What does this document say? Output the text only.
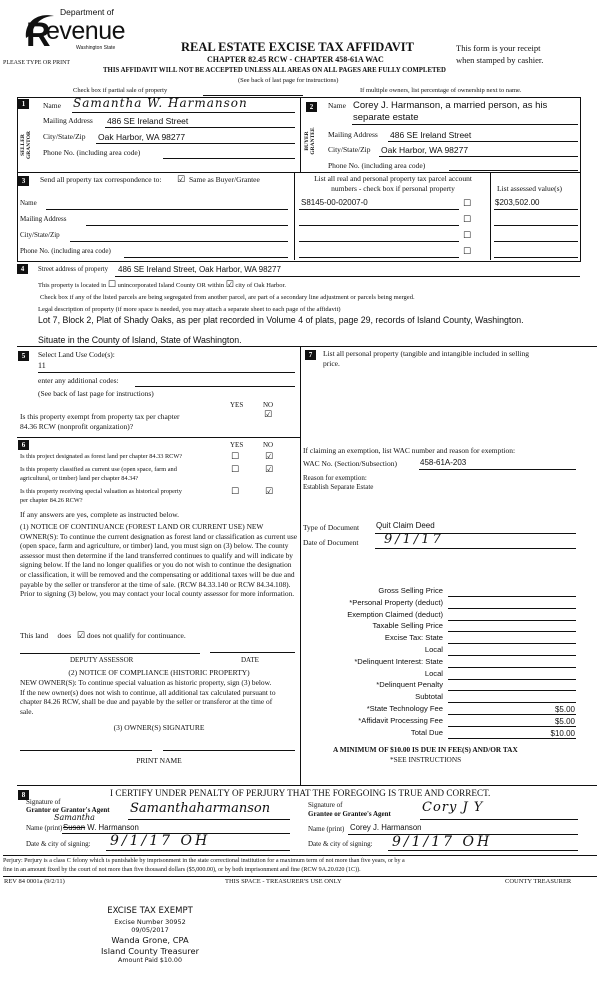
R
Department of
evenue
Washington State
PLEASE TYPE OR PRINT
REAL ESTATE EXCISE TAX AFFIDAVIT
CHAPTER 82.45 RCW - CHAPTER 458-61A WAC
This form is your receipt
when stamped by cashier.
THIS AFFIDAVIT WILL NOT BE ACCEPTED UNLESS ALL AREAS ON ALL PAGES ARE FULLY COMPLETED
(See back of last page for instructions)
Check box if partial sale of property	If multiple owners, list percentage of ownership next to name.
1
SELLER GRANTOR
Name Samantha W. Harmanson
Mailing Address 486 SE Ireland Street
City/State/Zip Oak Harbor, WA 98277
Phone No. (including area code)
2
BUYER GRANTEE
Name Corey J. Harmanson, a married person, as his
separate estate
Mailing Address 486 SE Ireland Street
City/State/Zip Oak Harbor, WA 98277
Phone No. (including area code)
3	Send all property tax correspondence to: ☑ Same as Buyer/Grantee
Name
Mailing Address
City/State/Zip
Phone No. (including area code)
List all real and personal property tax parcel account
numbers - check box if personal property	List assessed value(s)
S8145-00-02007-0	$203,502.00
☐
☐
☐
☐
4	Street address of property 486 SE Ireland Street, Oak Harbor, WA 98277
This property is located in ☐ unincorporated Island County OR within ☑ city of Oak Harbor.
Check box if any of the listed parcels are being segregated from another parcel, are part of a secondary line adjustment or parcels being merged.
Legal description of property (if more space is needed, you may attach a separate sheet to each page of the affidavit)
Lot 7, Block 2, Plat of Shady Oaks, as per plat recorded in Volume 4 of plats, page 29, records of Island County, Washington.
Situate in the County of Island, State of Washington.
5	Select Land Use Code(s):
11
enter any additional codes:
(See back of last page for instructions)
YES	NO
Is this property exempt from property tax per chapter
84.36 RCW (nonprofit organization)?
☑
6	YES	NO
Is this project designated as forest land per chapter 84.33 RCW?	☐	☑
Is this property classified as current use (open space, farm and
agricultural, or timber) land per chapter 84.34?
☐	☑
Is this property receiving special valuation as historical property
per chapter 84.26 RCW?
☐	☑
If any answers are yes, complete as instructed below.
(1) NOTICE OF CONTINUANCE (FOREST LAND OR CURRENT USE) NEW OWNER(S): To continue the current designation as forest land or classification as current use (open space, farm and agriculture, or timber) land, you must sign on (3) below. The county assessor must then determine if the land transferred continues to qualify and will indicate by signing below. If the land no longer qualifies or you do not wish to continue the designation or classification, it will be removed and the compensating or additional taxes will be due and payable by the seller or transferor at the time of sale. (RCW 84.33.140 or RCW 84.34.108). Prior to signing (3) below, you may contact your local county assessor for more information.
This land does ☑ does not qualify for continuance.
DEPUTY ASSESSOR	DATE
(2) NOTICE OF COMPLIANCE (HISTORIC PROPERTY)
NEW OWNER(S): To continue special valuation as historic property, sign (3) below. If the new owner(s) does not wish to continue, all additional tax calculated pursuant to chapter 84.26 RCW, shall be due and payable by the seller or transferor at the time of sale.
(3) OWNER(S) SIGNATURE
PRINT NAME
7	List all personal property (tangible and intangible included in selling
price.
If claiming an exemption, list WAC number and reason for exemption:
WAC No. (Section/Subsection)	458-61A-203
Reason for exemption:
Establish Separate Estate
Type of Document Quit Claim Deed
Date of Document 9/1/17
Gross Selling Price
*Personal Property (deduct)
Exemption Claimed (deduct)
Taxable Selling Price
Excise Tax: State
Local
*Delinquent Interest: State
Local
*Delinquent Penalty
Subtotal
*State Technology Fee	$5.00
*Affidavit Processing Fee	$5.00
Total Due	$10.00
A MINIMUM OF $10.00 IS DUE IN FEE(S) AND/OR TAX
*SEE INSTRUCTIONS
8	I CERTIFY UNDER PENALTY OF PERJURY THAT THE FOREGOING IS TRUE AND CORRECT.
Signature of
Grantor or Grantor's Agent Samanthaharmanson
Samantha
Name (print) Susan W. Harmanson
Date & city of signing: 9/1/17 OH
Signature of
Grantee or Grantee's Agent Cory J Y
Name (print) Corey J. Harmanson
Date & city of signing: 9/1/17 OH
Perjury: Perjury is a class C felony which is punishable by imprisonment in the state correctional institution for a maximum term of not more than five years, or by a
fine in an amount fixed by the court of not more than five thousand dollars ($5,000.00), or by both imprisonment and fine (RCW 9A.20.020 (1C)).
REV 84 0001a (9/2/11)	THIS SPACE - TREASURER'S USE ONLY	COUNTY TREASURER
EXCISE TAX EXEMPT
Excise Number 30952
09/05/2017
Wanda Grone, CPA
Island County Treasurer
Amount Paid $10.00
